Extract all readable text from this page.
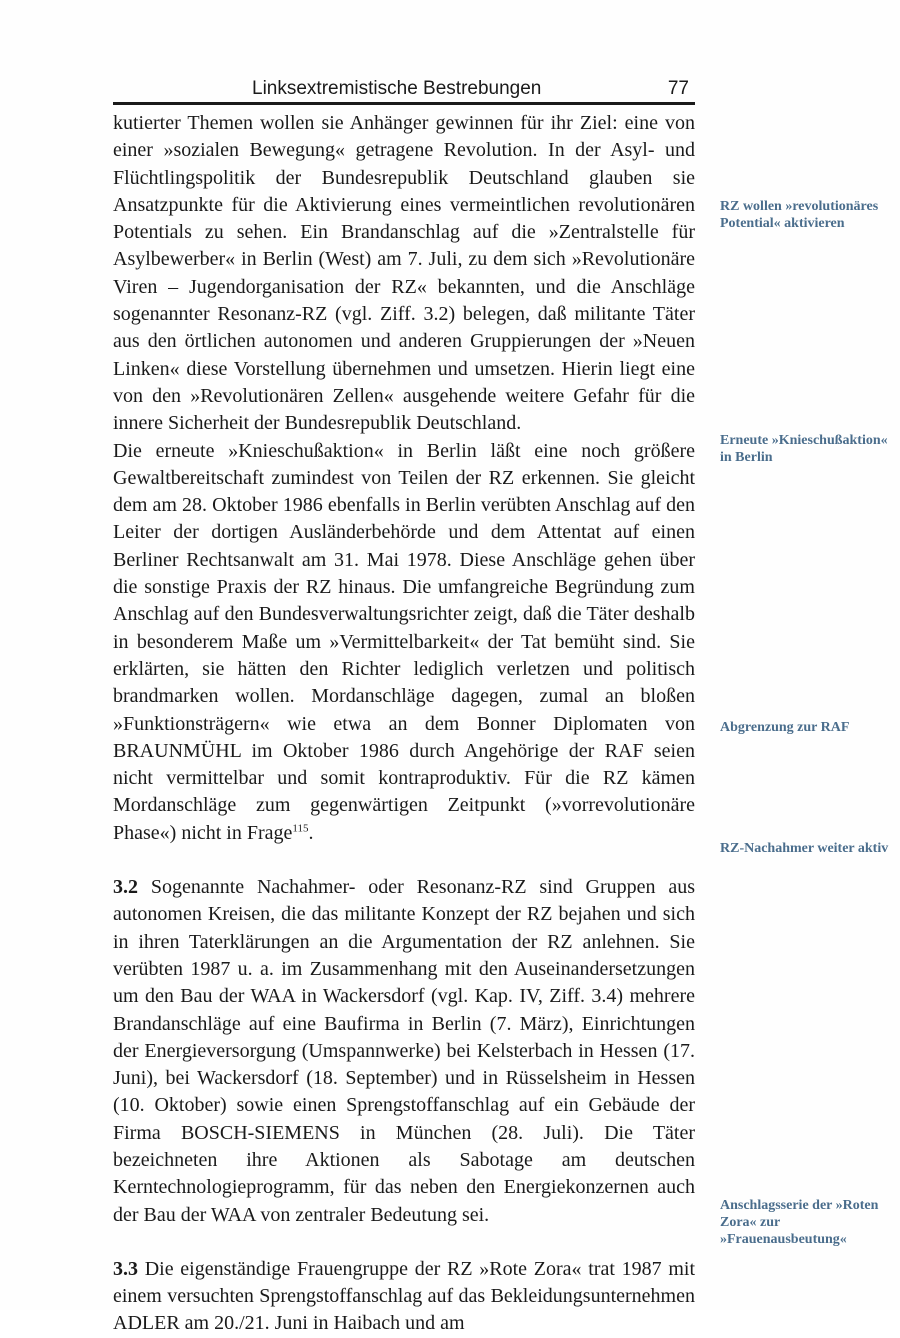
Linksextremistische Bestrebungen	77

kutierter Themen wollen sie Anhänger gewinnen für ihr Ziel: eine von einer »sozialen Bewegung« getragene Revolution. In der Asyl- und Flüchtlingspolitik der Bundesrepublik Deutschland glauben sie Ansatzpunkte für die Aktivierung eines vermeintlichen revolutionären Potentials zu sehen. Ein Brandanschlag auf die »Zentralstelle für Asylbewerber« in Berlin (West) am 7. Juli, zu dem sich »Revolutionäre Viren – Jugendorganisation der RZ« bekannten, und die Anschläge sogenannter Resonanz-RZ (vgl. Ziff. 3.2) belegen, daß militante Täter aus den örtlichen autonomen und anderen Gruppierungen der »Neuen Linken« diese Vorstellung übernehmen und umsetzen. Hierin liegt eine von den »Revolutionären Zellen« ausgehende weitere Gefahr für die innere Sicherheit der Bundesrepublik Deutschland.

Die erneute »Knieschußaktion« in Berlin läßt eine noch größere Gewaltbereitschaft zumindest von Teilen der RZ erkennen. Sie gleicht dem am 28. Oktober 1986 ebenfalls in Berlin verübten Anschlag auf den Leiter der dortigen Ausländerbehörde und dem Attentat auf einen Berliner Rechtsanwalt am 31. Mai 1978. Diese Anschläge gehen über die sonstige Praxis der RZ hinaus. Die umfangreiche Begründung zum Anschlag auf den Bundesverwaltungsrichter zeigt, daß die Täter deshalb in besonderem Maße um »Vermittelbarkeit« der Tat bemüht sind. Sie erklärten, sie hätten den Richter lediglich verletzen und politisch brandmarken wollen. Mordanschläge dagegen, zumal an bloßen »Funktionsträgern« wie etwa an dem Bonner Diplomaten von BRAUNMÜHL im Oktober 1986 durch Angehörige der RAF seien nicht vermittelbar und somit kontraproduktiv. Für die RZ kämen Mordanschläge zum gegenwärtigen Zeitpunkt (»vorrevolutionäre Phase«) nicht in Frage$^{115}$.

3.2 Sogenannte Nachahmer- oder Resonanz-RZ sind Gruppen aus autonomen Kreisen, die das militante Konzept der RZ bejahen und sich in ihren Taterklärungen an die Argumentation der RZ anlehnen. Sie verübten 1987 u. a. im Zusammenhang mit den Auseinandersetzungen um den Bau der WAA in Wackersdorf (vgl. Kap. IV, Ziff. 3.4) mehrere Brandanschläge auf eine Baufirma in Berlin (7. März), Einrichtungen der Energieversorgung (Umspannwerke) bei Kelsterbach in Hessen (17. Juni), bei Wackersdorf (18. September) und in Rüsselsheim in Hessen (10. Oktober) sowie einen Sprengstoffanschlag auf ein Gebäude der Firma BOSCH-SIEMENS in München (28. Juli). Die Täter bezeichneten ihre Aktionen als Sabotage am deutschen Kerntechnologieprogramm, für das neben den Energiekonzernen auch der Bau der WAA von zentraler Bedeutung sei.

3.3 Die eigenständige Frauengruppe der RZ »Rote Zora« trat 1987 mit einem versuchten Sprengstoffanschlag auf das Bekleidungsunternehmen ADLER am 20./21. Juni in Haibach und am

RZ wollen »revolutionäres Potential« aktivieren
Erneute »Knieschußaktion« in Berlin
Abgrenzung zur RAF
RZ-Nachahmer weiter aktiv
Anschlagsserie der »Roten Zora« zur »Frauenausbeutung«
